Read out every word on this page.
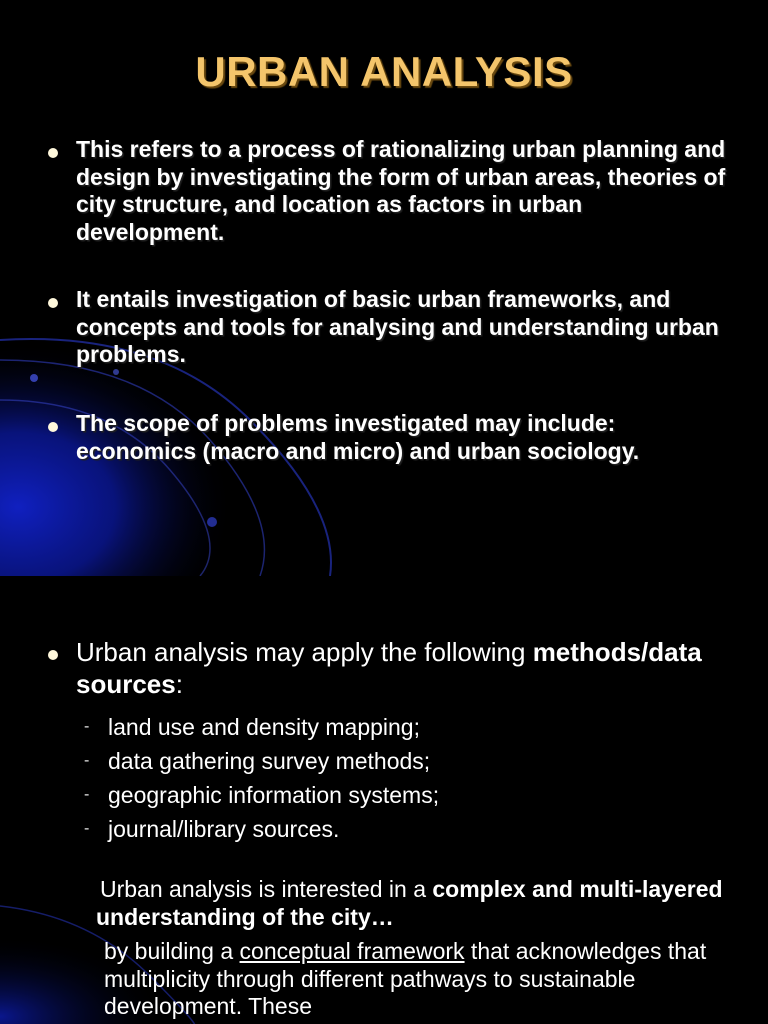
URBAN ANALYSIS
This refers to a process of rationalizing urban planning and design by investigating the form of urban areas, theories of city structure, and location as factors in urban development.
It entails investigation of basic urban frameworks, and concepts and tools for analysing and understanding urban problems.
The scope of problems investigated may include: economics (macro and micro) and urban sociology.
Urban analysis may apply the following methods/data sources:
- land use and density mapping;
- data gathering survey methods;
- geographic information systems;
- journal/library sources.
Urban analysis is interested in a complex and multi-layered understanding of the city…
by building a conceptual framework that acknowledges that multiplicity through different pathways to sustainable development. These
